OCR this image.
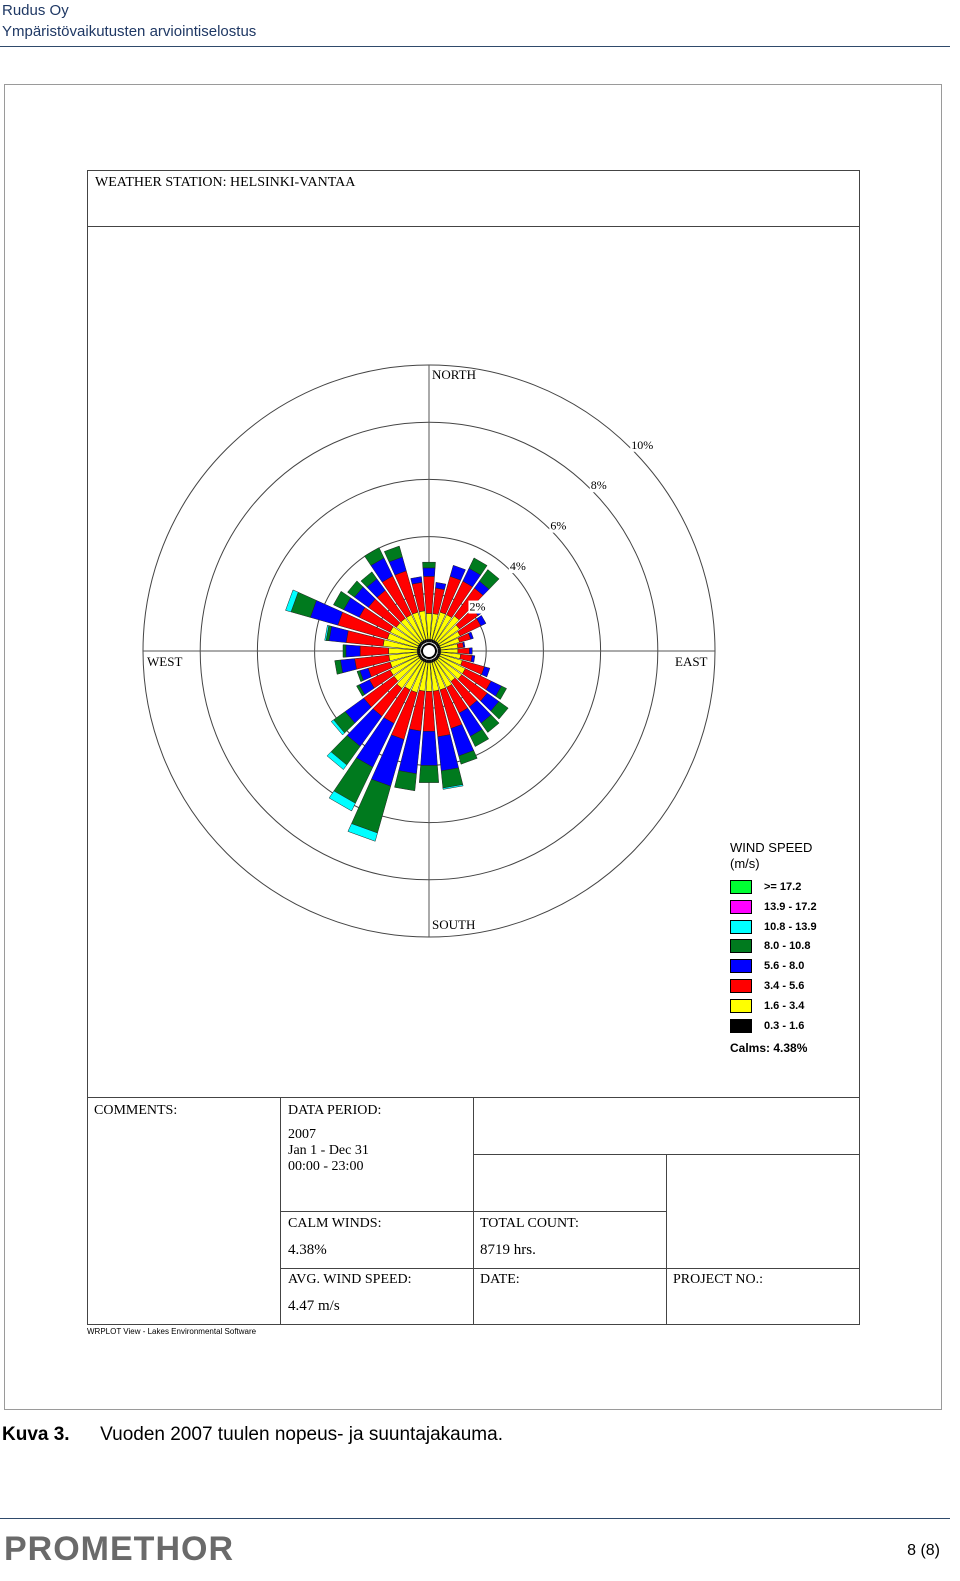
Rudus Oy
Ympäristövaikutusten arviointiselostus
WEATHER STATION: HELSINKI-VANTAA
2%
4%
6%
8%
10%
NORTH
SOUTH
WEST	EAST
WIND SPEED
(m/s)
Calms: 4.38%
>= 17.2
13.9 - 17.2
10.8 - 13.9
8.0 - 10.8
5.6 - 8.0
3.4 - 5.6
1.6 - 3.4
0.3 - 1.6
COMMENTS:	DATA PERIOD:
2007
Jan 1 - Dec 31
00:00 - 23:00
CALM WINDS:
4.38%
TOTAL COUNT:
8719 hrs.
AVG. WIND SPEED:
4.47 m/s
DATE:	PROJECT NO.:
WRPLOT View - Lakes Environmental Software
Kuva 3. Vuoden 2007 tuulen nopeus- ja suuntajakauma.
PROMETHOR	8 (8)
